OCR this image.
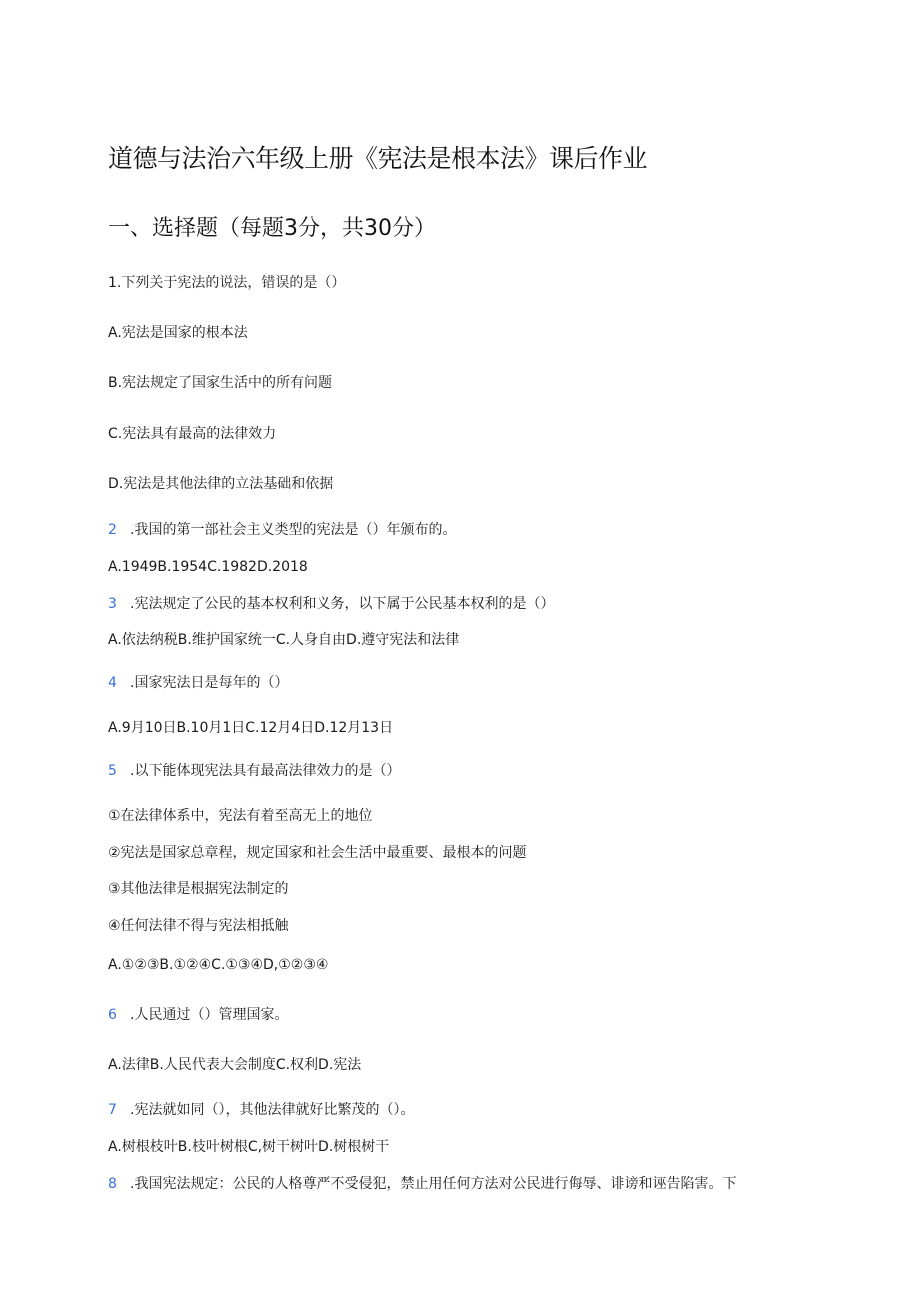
道德与法治六年级上册《宪法是根本法》课后作业
一、选择题（每题3分，共30分）
1.下列关于宪法的说法，错误的是（）
A.宪法是国家的根本法
B.宪法规定了国家生活中的所有问题
C.宪法具有最高的法律效力
D.宪法是其他法律的立法基础和依据
2 .我国的第一部社会主义类型的宪法是（）年颁布的。
A.1949B.1954C.1982D.2018
3 .宪法规定了公民的基本权利和义务，以下属于公民基本权利的是（）
A.依法纳税B.维护国家统一C.人身自由D.遵守宪法和法律
4 .国家宪法日是每年的（）
A.9月10日B.10月1日C.12月4日D.12月13日
5 .以下能体现宪法具有最高法律效力的是（）
①在法律体系中，宪法有着至高无上的地位
②宪法是国家总章程，规定国家和社会生活中最重要、最根本的问题
③其他法律是根据宪法制定的
④任何法律不得与宪法相抵触
A.①②③B.①②④C.①③④D,①②③④
6 .人民通过（）管理国家。
A.法律B.人民代表大会制度C.权利D.宪法
7 .宪法就如同（），其他法律就好比繁茂的（）。
A.树根枝叶B.枝叶树根C,树干树叶D.树根树干
8 .我国宪法规定：公民的人格尊严不受侵犯，禁止用任何方法对公民进行侮辱、诽谤和诬告陷害。下
